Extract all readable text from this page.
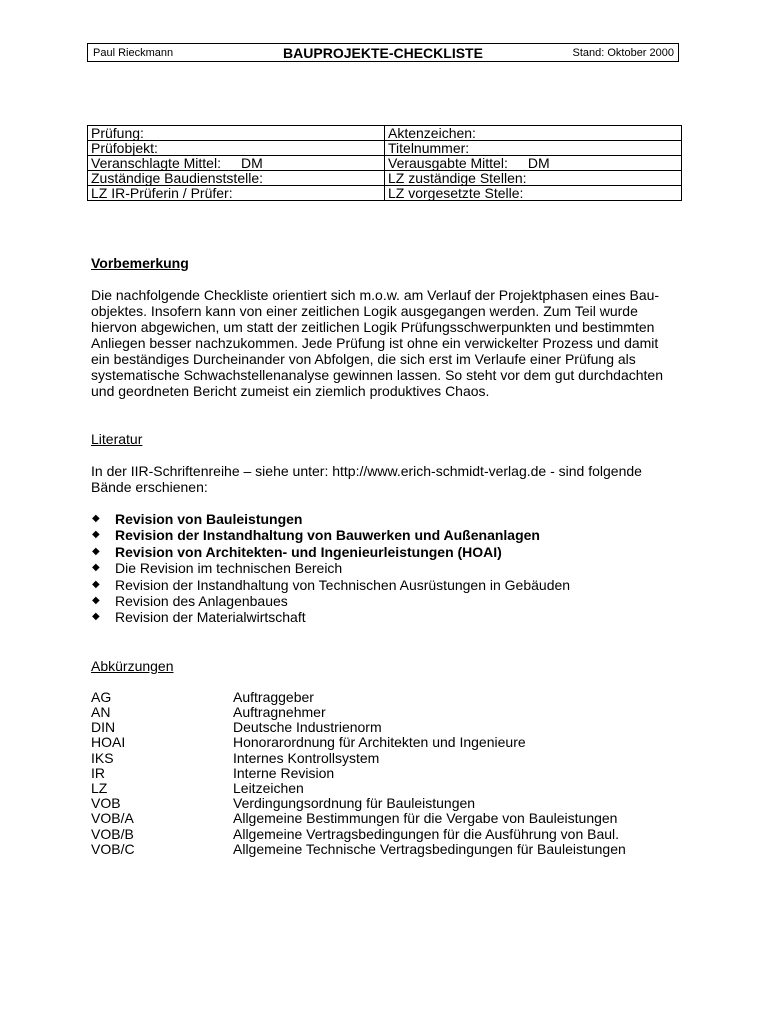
Paul Rieckmann	BAUPROJEKTE-CHECKLISTE	Stand: Oktober 2000
Prüfung:	Aktenzeichen:
Prüfobjekt:	Titelnummer:
Veranschlagte Mittel: DM	Verausgabte Mittel: DM
Zuständige Baudienststelle:	LZ zuständige Stellen:
LZ IR-Prüferin / Prüfer:	LZ vorgesetzte Stelle:
Vorbemerkung
Die nachfolgende Checkliste orientiert sich m.o.w. am Verlauf der Projektphasen eines Bau-
objektes. Insofern kann von einer zeitlichen Logik ausgegangen werden. Zum Teil wurde
hiervon abgewichen, um statt der zeitlichen Logik Prüfungsschwerpunkten und bestimmten
Anliegen besser nachzukommen. Jede Prüfung ist ohne ein verwickelter Prozess und damit
ein beständiges Durcheinander von Abfolgen, die sich erst im Verlaufe einer Prüfung als
systematische Schwachstellenanalyse gewinnen lassen. So steht vor dem gut durchdachten
und geordneten Bericht zumeist ein ziemlich produktives Chaos.
Literatur
In der IIR-Schriftenreihe – siehe unter: http://www.erich-schmidt-verlag.de - sind folgende
Bände erschienen:
◆ Revision von Bauleistungen
◆ Revision der Instandhaltung von Bauwerken und Außenanlagen
◆ Revision von Architekten- und Ingenieurleistungen (HOAI)
◆ Die Revision im technischen Bereich
◆ Revision der Instandhaltung von Technischen Ausrüstungen in Gebäuden
◆ Revision des Anlagenbaues
◆ Revision der Materialwirtschaft
Abkürzungen
AG	Auftraggeber
AN	Auftragnehmer
DIN	Deutsche Industrienorm
HOAI	Honorarordnung für Architekten und Ingenieure
IKS	Internes Kontrollsystem
IR	Interne Revision
LZ	Leitzeichen
VOB	Verdingungsordnung für Bauleistungen
VOB/A	Allgemeine Bestimmungen für die Vergabe von Bauleistungen
VOB/B	Allgemeine Vertragsbedingungen für die Ausführung von Baul.
VOB/C	Allgemeine Technische Vertragsbedingungen für Bauleistungen
